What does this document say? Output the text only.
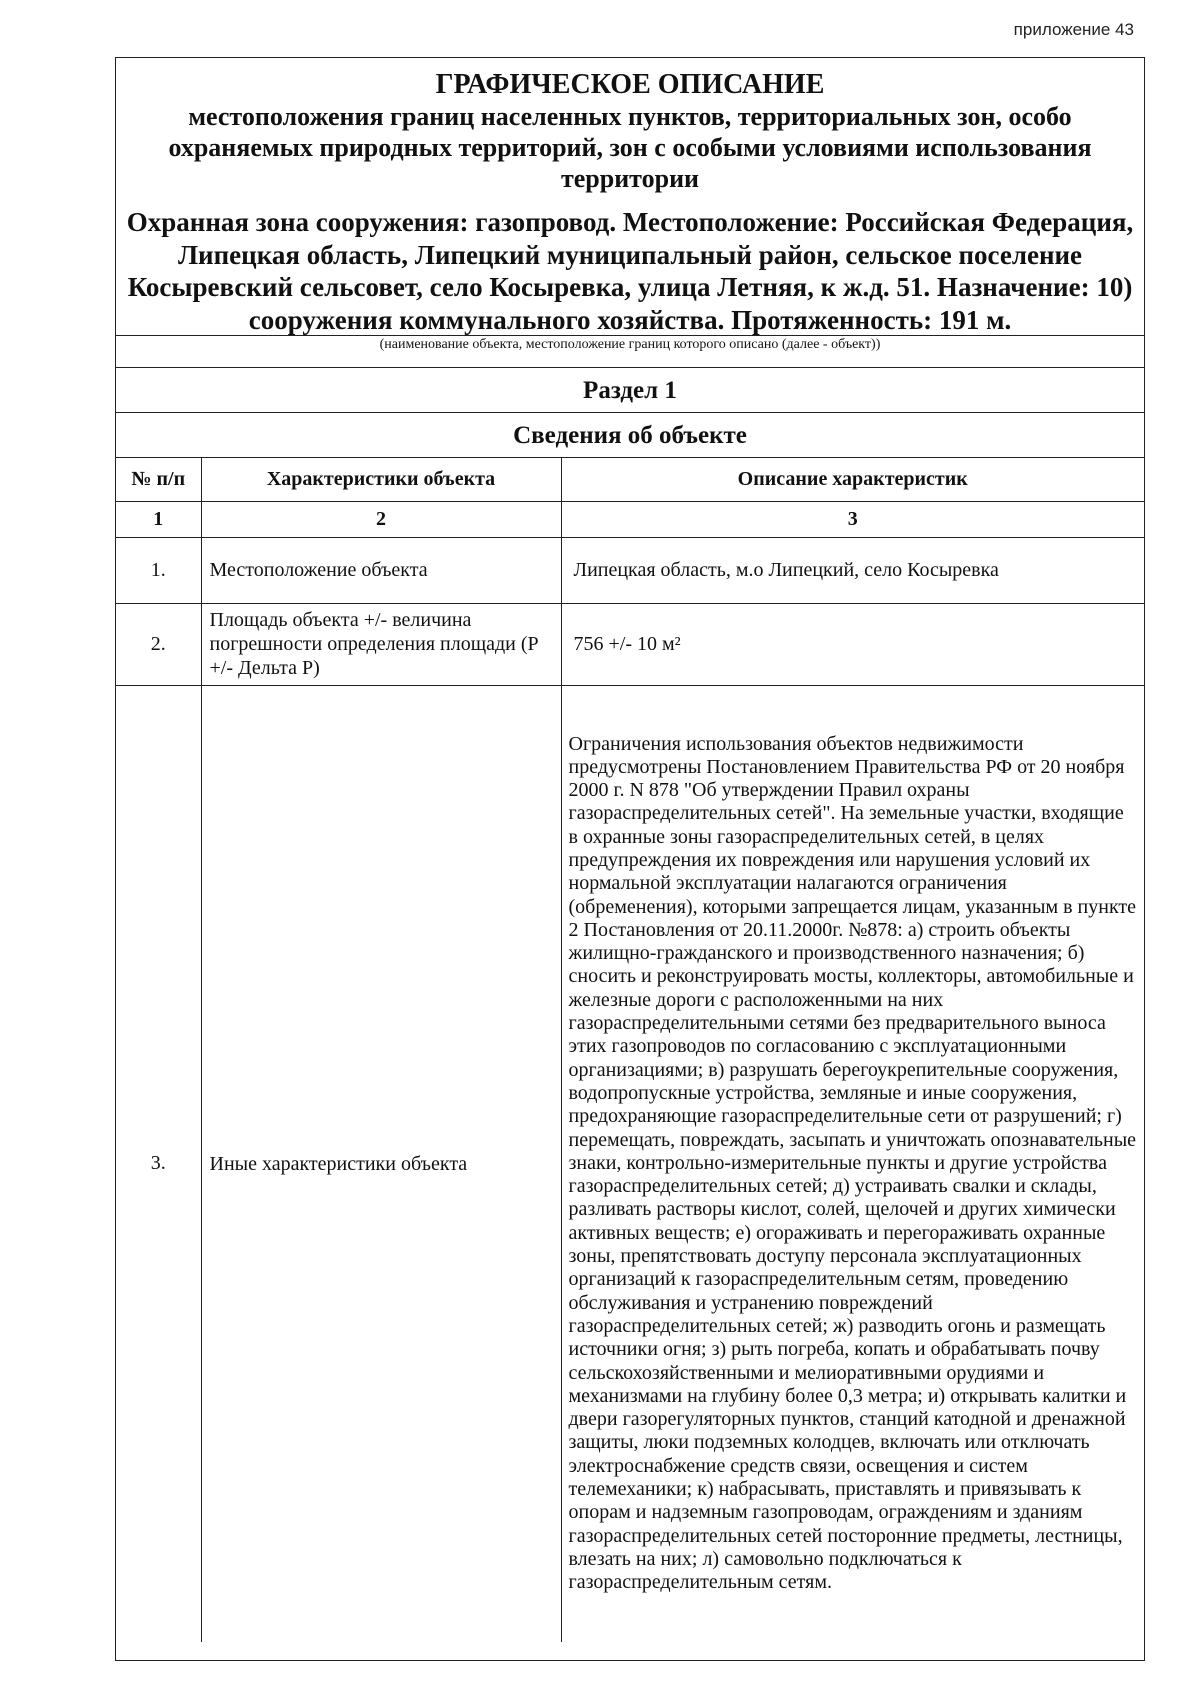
приложение 43
ГРАФИЧЕСКОЕ ОПИСАНИЕ
местоположения границ населенных пунктов, территориальных зон, особо охраняемых природных территорий, зон с особыми условиями использования территории
Охранная зона сооружения: газопровод. Местоположение: Российская Федерация, Липецкая область, Липецкий муниципальный район, сельское поселение Косыревский сельсовет, село Косыревка, улица Летняя, к ж.д. 51. Назначение: 10) сооружения коммунального хозяйства. Протяженность: 191 м.
(наименование объекта, местоположение границ которого описано (далее - объект))
Раздел 1
Сведения об объекте
№ п/п	Характеристики объекта	Описание характеристик
1	2	3
1.	Местоположение объекта	Липецкая область, м.о Липецкий, село Косыревка
2.	Площадь объекта +/- величина погрешности определения площади (Р +/- Дельта Р)	756 +/- 10 м²
3.	Иные характеристики объекта	Ограничения использования объектов недвижимости предусмотрены Постановлением Правительства РФ от 20 ноября 2000 г. N 878 "Об утверждении Правил охраны газораспределительных сетей". На земельные участки, входящие в охранные зоны газораспределительных сетей, в целях предупреждения их повреждения или нарушения условий их нормальной эксплуатации налагаются ограничения (обременения), которыми запрещается лицам, указанным в пункте 2 Постановления от 20.11.2000г. №878: а) строить объекты жилищно-гражданского и производственного назначения; б) сносить и реконструировать мосты, коллекторы, автомобильные и железные дороги с расположенными на них газораспределительными сетями без предварительного выноса этих газопроводов по согласованию с эксплуатационными организациями; в) разрушать берегоукрепительные сооружения, водопропускные устройства, земляные и иные сооружения, предохраняющие газораспределительные сети от разрушений; г) перемещать, повреждать, засыпать и уничтожать опознавательные знаки, контрольно-измерительные пункты и другие устройства газораспределительных сетей; д) устраивать свалки и склады, разливать растворы кислот, солей, щелочей и других химически активных веществ; е) огораживать и перегораживать охранные зоны, препятствовать доступу персонала эксплуатационных организаций к газораспределительным сетям, проведению обслуживания и устранению повреждений газораспределительных сетей; ж) разводить огонь и размещать источники огня; з) рыть погреба, копать и обрабатывать почву сельскохозяйственными и мелиоративными орудиями и механизмами на глубину более 0,3 метра; и) открывать калитки и двери газорегуляторных пунктов, станций катодной и дренажной защиты, люки подземных колодцев, включать или отключать электроснабжение средств связи, освещения и систем телемеханики; к) набрасывать, приставлять и привязывать к опорам и надземным газопроводам, ограждениям и зданиям газораспределительных сетей посторонние предметы, лестницы, влезать на них; л) самовольно подключаться к газораспределительным сетям.
